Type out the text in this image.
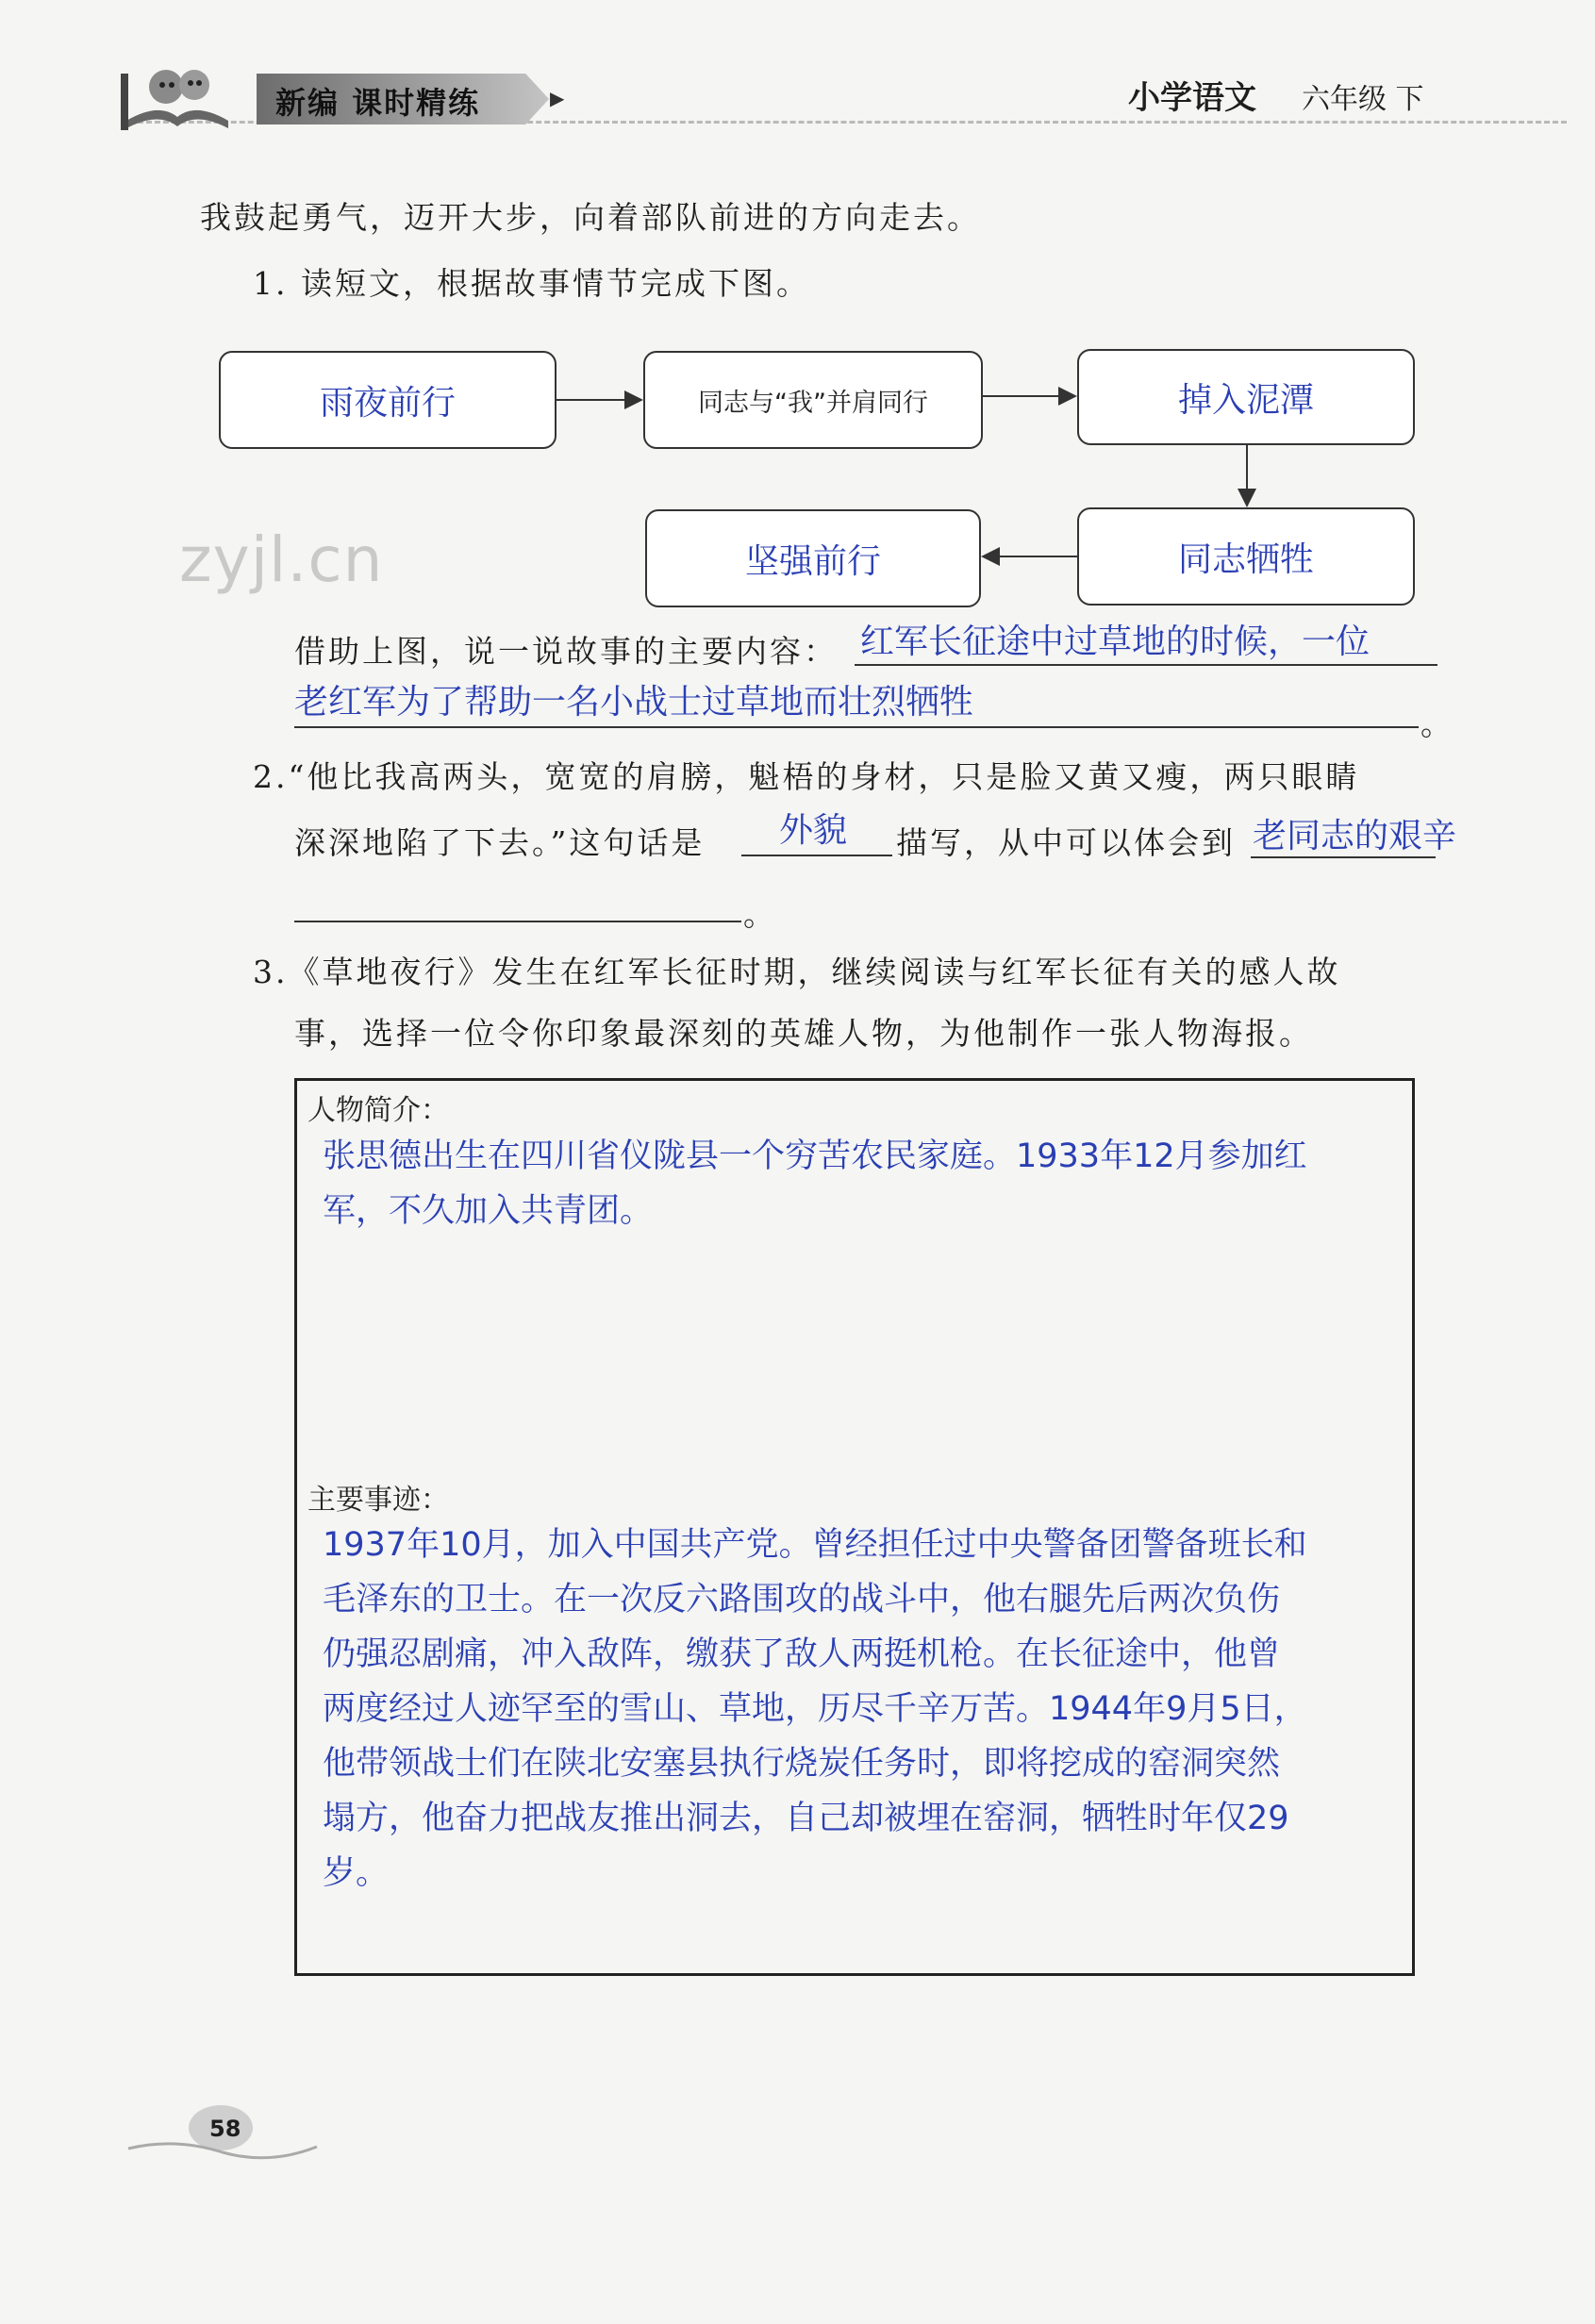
新编 课时精练	▶	小学语文 六年级 下
我鼓起勇气，迈开大步，向着部队前进的方向走去。
1. 读短文，根据故事情节完成下图。
雨夜前行	同志与“我”并肩同行	掉入泥潭
同志牺牲
坚强前行
zyjl.cn
借助上图，说一说故事的主要内容： 红军长征途中过草地的时候，一位
老红军为了帮助一名小战士过草地而壮烈牺牲
。
2.“他比我高两头，宽宽的肩膀，魁梧的身材，只是脸又黄又瘦，两只眼睛
深深地陷了下去。”这句话是 外貌 描写，从中可以体会到 老同志的艰辛
。
3.《草地夜行》发生在红军长征时期，继续阅读与红军长征有关的感人故
事，选择一位令你印象最深刻的英雄人物，为他制作一张人物海报。
人物简介：
张思德出生在四川省仪陇县一个穷苦农民家庭。1933年12月参加红
军，不久加入共青团。
主要事迹：
1937年10月，加入中国共产党。曾经担任过中央警备团警备班长和
毛泽东的卫士。在一次反六路围攻的战斗中，他右腿先后两次负伤
仍强忍剧痛，冲入敌阵，缴获了敌人两挺机枪。在长征途中，他曾
两度经过人迹罕至的雪山、草地，历尽千辛万苦。1944年9月5日，
他带领战士们在陕北安塞县执行烧炭任务时，即将挖成的窑洞突然
塌方，他奋力把战友推出洞去，自己却被埋在窑洞，牺牲时年仅29
岁。
58
